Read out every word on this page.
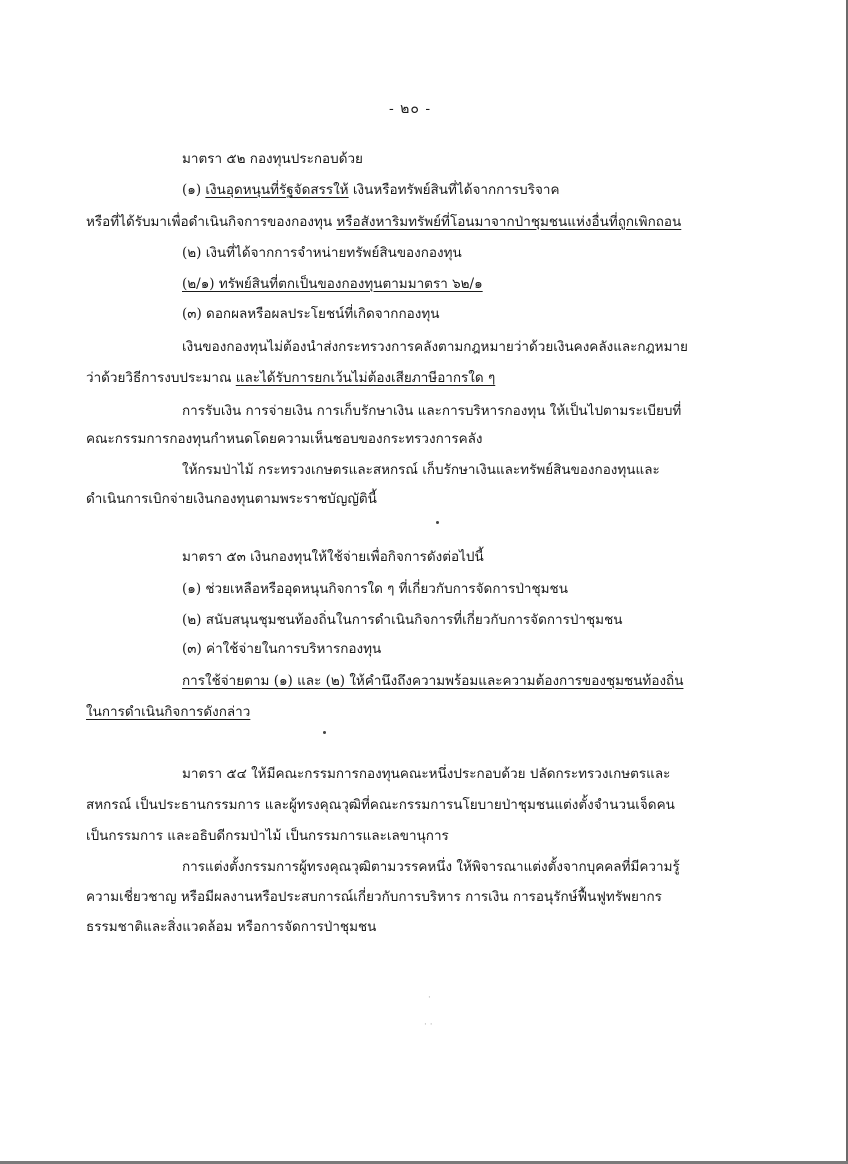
- ๒๐ -
มาตรา ๕๒ กองทุนประกอบด้วย
(๑) เงินอุดหนุนที่รัฐจัดสรรให้ เงินหรือทรัพย์สินที่ได้จากการบริจาค
หรือที่ได้รับมาเพื่อดำเนินกิจการของกองทุน หรือสังหาริมทรัพย์ที่โอนมาจากป่าชุมชนแห่งอื่นที่ถูกเพิกถอน
(๒) เงินที่ได้จากการจำหน่ายทรัพย์สินของกองทุน
(๒/๑) ทรัพย์สินที่ตกเป็นของกองทุนตามมาตรา ๖๒/๑
(๓) ดอกผลหรือผลประโยชน์ที่เกิดจากกองทุน
เงินของกองทุนไม่ต้องนำส่งกระทรวงการคลังตามกฎหมายว่าด้วยเงินคงคลังและกฎหมาย
ว่าด้วยวิธีการงบประมาณ และได้รับการยกเว้นไม่ต้องเสียภาษีอากรใด ๆ
การรับเงิน การจ่ายเงิน การเก็บรักษาเงิน และการบริหารกองทุน ให้เป็นไปตามระเบียบที่
คณะกรรมการกองทุนกำหนดโดยความเห็นชอบของกระทรวงการคลัง
ให้กรมป่าไม้ กระทรวงเกษตรและสหกรณ์ เก็บรักษาเงินและทรัพย์สินของกองทุนและ
ดำเนินการเบิกจ่ายเงินกองทุนตามพระราชบัญญัตินี้
มาตรา ๕๓ เงินกองทุนให้ใช้จ่ายเพื่อกิจการดังต่อไปนี้
(๑) ช่วยเหลือหรืออุดหนุนกิจการใด ๆ ที่เกี่ยวกับการจัดการป่าชุมชน
(๒) สนับสนุนชุมชนท้องถิ่นในการดำเนินกิจการที่เกี่ยวกับการจัดการป่าชุมชน
(๓) ค่าใช้จ่ายในการบริหารกองทุน
การใช้จ่ายตาม (๑) และ (๒) ให้คำนึงถึงความพร้อมและความต้องการของชุมชนท้องถิ่น
ในการดำเนินกิจการดังกล่าว
มาตรา ๕๔ ให้มีคณะกรรมการกองทุนคณะหนึ่งประกอบด้วย ปลัดกระทรวงเกษตรและ
สหกรณ์ เป็นประธานกรรมการ และผู้ทรงคุณวุฒิที่คณะกรรมการนโยบายป่าชุมชนแต่งตั้งจำนวนเจ็ดคน
เป็นกรรมการ และอธิบดีกรมป่าไม้ เป็นกรรมการและเลขานุการ
การแต่งตั้งกรรมการผู้ทรงคุณวุฒิตามวรรคหนึ่ง ให้พิจารณาแต่งตั้งจากบุคคลที่มีความรู้
ความเชี่ยวชาญ หรือมีผลงานหรือประสบการณ์เกี่ยวกับการบริหาร การเงิน การอนุรักษ์ฟื้นฟูทรัพยากร
ธรรมชาติและสิ่งแวดล้อม หรือการจัดการป่าชุมชน
·
· ·
